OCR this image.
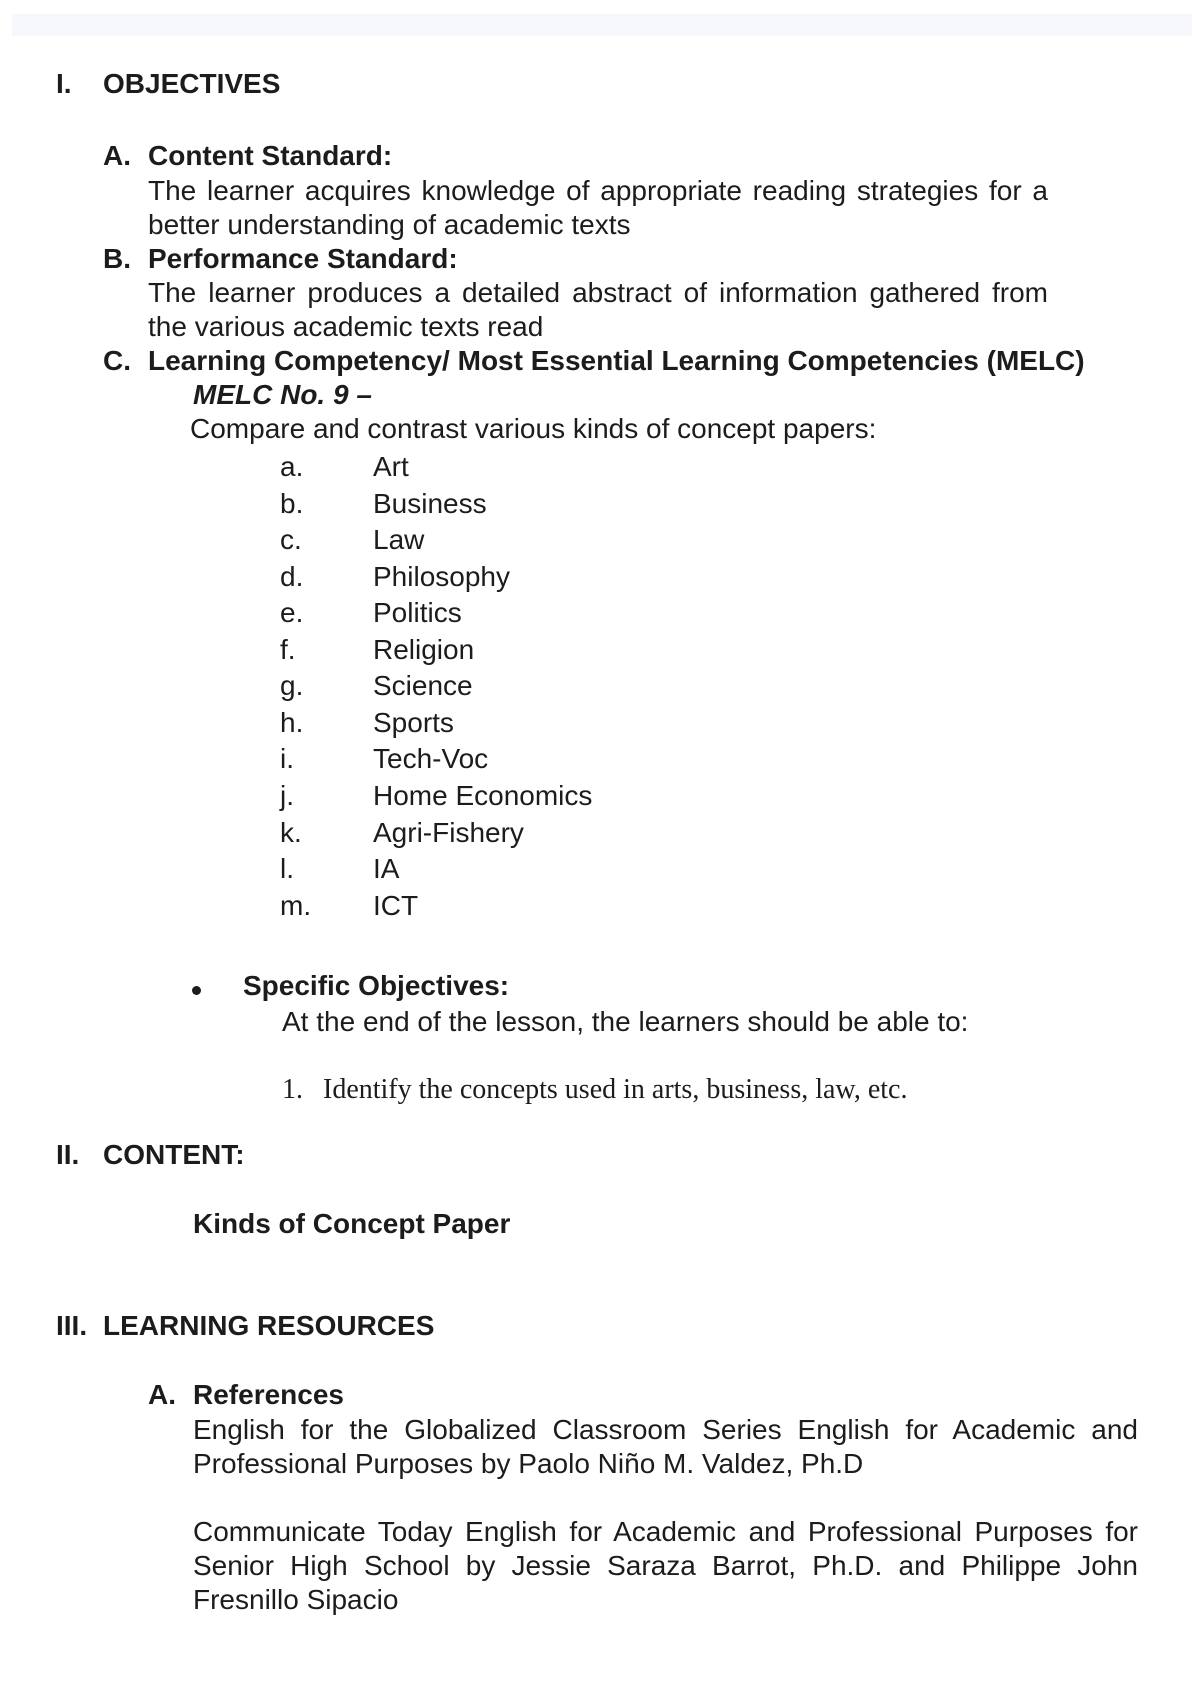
I. OBJECTIVES
A. Content Standard:
The learner acquires knowledge of appropriate reading strategies for a better understanding of academic texts
B. Performance Standard:
The learner produces a detailed abstract of information gathered from the various academic texts read
C. Learning Competency/ Most Essential Learning Competencies (MELC)
MELC No. 9 –
Compare and contrast various kinds of concept papers:
a. Art
b. Business
c.	Law
d. Philosophy
e. Politics
f.	Religion
g. Science
h. Sports
i.	Tech-Voc
j.	Home Economics
k.	Agri-Fishery
l.	IA
m. ICT
Specific Objectives:
At the end of the lesson, the learners should be able to:
1. Identify the concepts used in arts, business, law, etc.
II. CONTENT:
Kinds of Concept Paper
III. LEARNING RESOURCES
A. References
English for the Globalized Classroom Series English for Academic and Professional Purposes by Paolo Niño M. Valdez, Ph.D
Communicate Today English for Academic and Professional Purposes for Senior High School by Jessie Saraza Barrot, Ph.D. and Philippe John Fresnillo Sipacio
